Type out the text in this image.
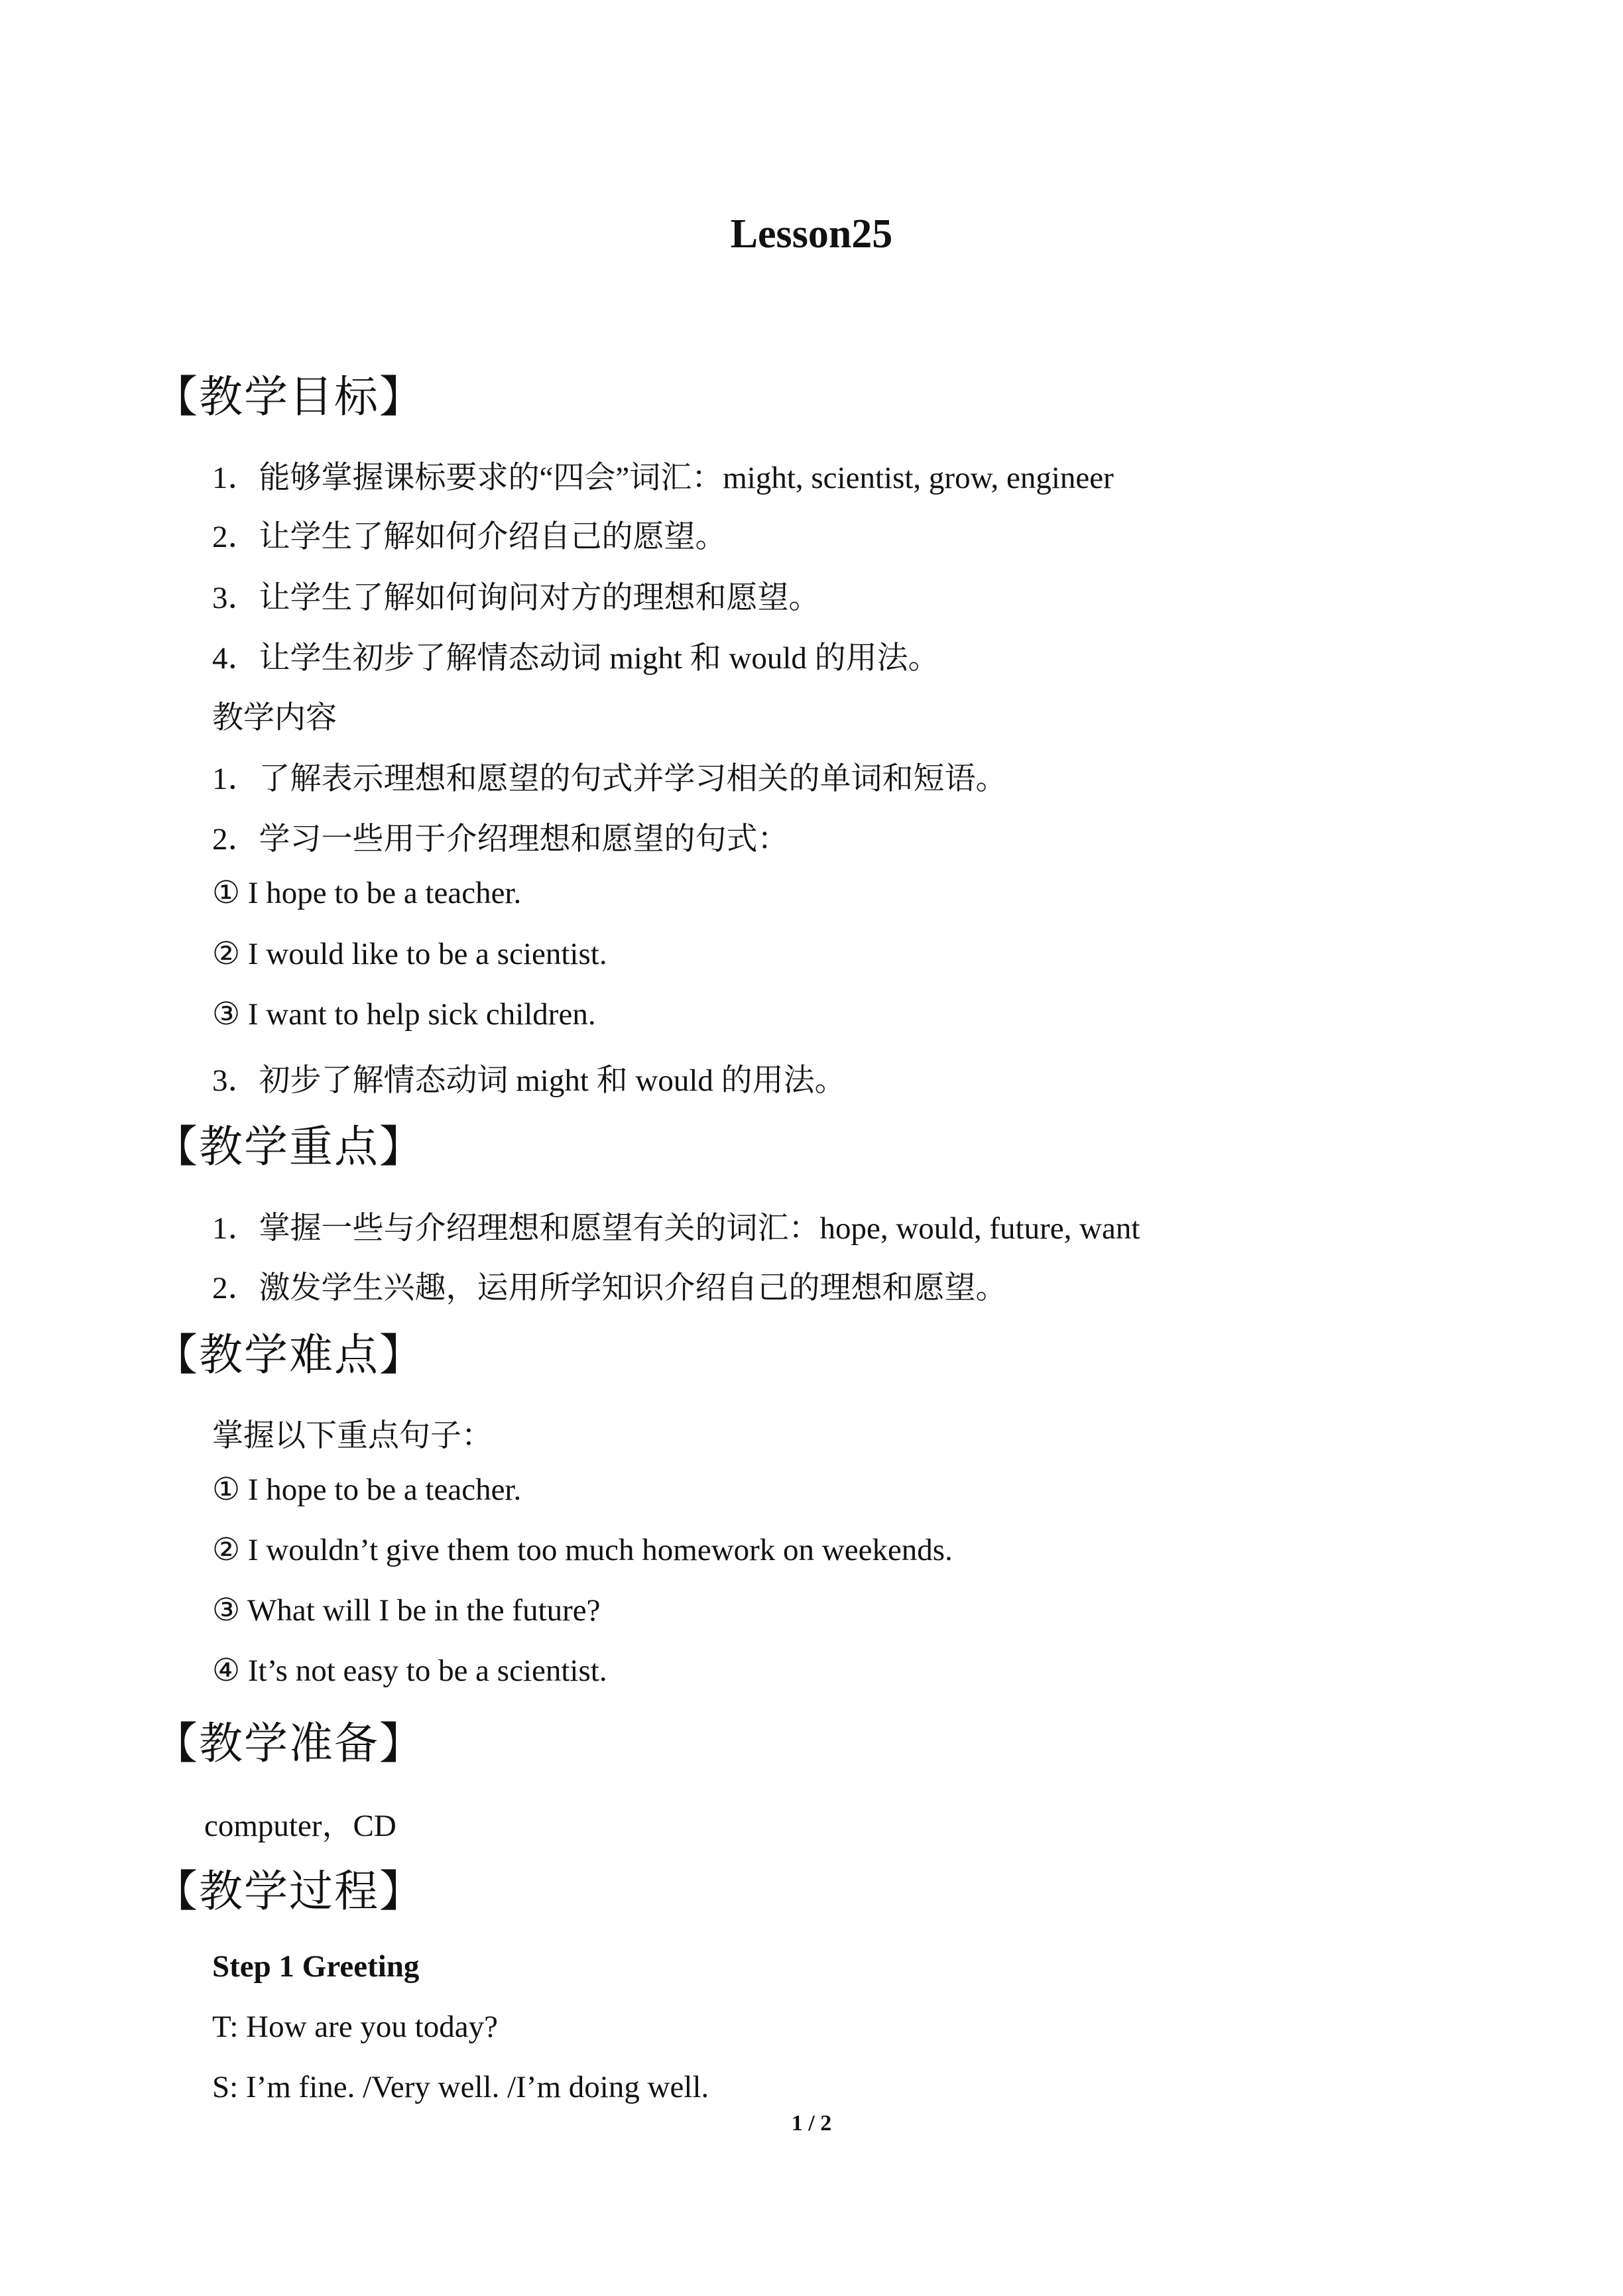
Lesson25
【教学目标】
1．能够掌握课标要求的“四会”词汇：might, scientist, grow, engineer
2．让学生了解如何介绍自己的愿望。
3．让学生了解如何询问对方的理想和愿望。
4．让学生初步了解情态动词 might 和 would 的用法。
教学内容
1．了解表示理想和愿望的句式并学习相关的单词和短语。
2．学习一些用于介绍理想和愿望的句式：
① I hope to be a teacher.
② I would like to be a scientist.
③ I want to help sick children.
3．初步了解情态动词 might 和 would 的用法。
【教学重点】
1．掌握一些与介绍理想和愿望有关的词汇：hope, would, future, want
2．激发学生兴趣，运用所学知识介绍自己的理想和愿望。
【教学难点】
掌握以下重点句子：
① I hope to be a teacher.
② I wouldn’t give them too much homework on weekends.
③ What will I be in the future?
④ It’s not easy to be a scientist.
【教学准备】
computer，CD
【教学过程】
Step 1 Greeting
T: How are you today?
S: I’m fine. /Very well. /I’m doing well.
1 / 2
